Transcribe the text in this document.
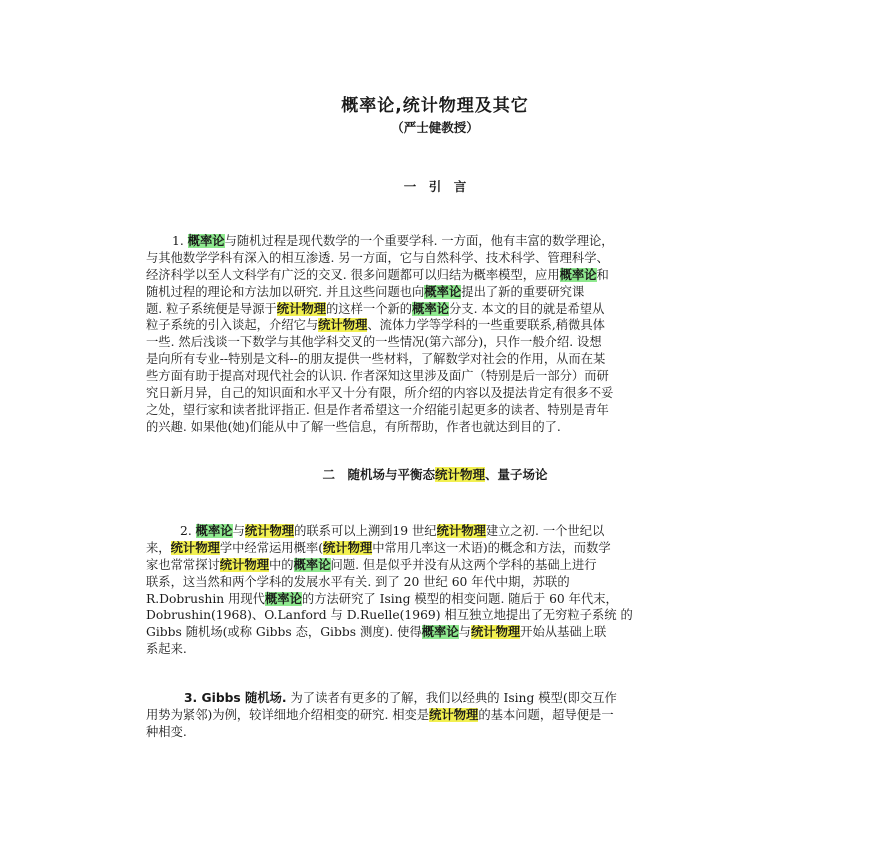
概率论,统计物理及其它
（严士健教授）
一　引　言
1. 概率论与随机过程是现代数学的一个重要学科. 一方面，他有丰富的数学理论，
与其他数学学科有深入的相互渗透. 另一方面，它与自然科学、技术科学、管理科学、
经济科学以至人文科学有广泛的交叉. 很多问题都可以归结为概率模型，应用概率论和
随机过程的理论和方法加以研究. 并且这些问题也向概率论提出了新的重要研究课
题. 粒子系统便是导源于统计物理的这样一个新的概率论分支. 本文的目的就是希望从
粒子系统的引入谈起，介绍它与统计物理、流体力学等学科的一些重要联系,稍微具体
一些. 然后浅谈一下数学与其他学科交叉的一些情况(第六部分)，只作一般介绍. 设想
是向所有专业--特别是文科--的朋友提供一些材料，了解数学对社会的作用，从而在某
些方面有助于提高对现代社会的认识. 作者深知这里涉及面广（特别是后一部分）而研
究日新月异，自己的知识面和水平又十分有限，所介绍的内容以及提法肯定有很多不妥
之处，望行家和读者批评指正. 但是作者希望这一介绍能引起更多的读者、特别是青年
的兴趣. 如果他(她)们能从中了解一些信息，有所帮助，作者也就达到目的了.
二　随机场与平衡态统计物理、量子场论
2. 概率论与统计物理的联系可以上溯到19 世纪统计物理建立之初. 一个世纪以
来，统计物理学中经常运用概率(统计物理中常用几率这一术语)的概念和方法，而数学
家也常常探讨统计物理中的概率论问题. 但是似乎并没有从这两个学科的基础上进行
联系，这当然和两个学科的发展水平有关. 到了 20 世纪 60 年代中期，苏联的
R.Dobrushin 用现代概率论的方法研究了 Ising 模型的相变问题. 随后于 60 年代末，
Dobrushin(1968)、O.Lanford 与 D.Ruelle(1969) 相互独立地提出了无穷粒子系统 的
Gibbs 随机场(或称 Gibbs 态，Gibbs 测度). 使得概率论与统计物理开始从基础上联
系起来.
3. Gibbs 随机场. 为了读者有更多的了解，我们以经典的 Ising 模型(即交互作
用势为紧邻)为例，较详细地介绍相变的研究. 相变是统计物理的基本问题，超导便是一
种相变.
